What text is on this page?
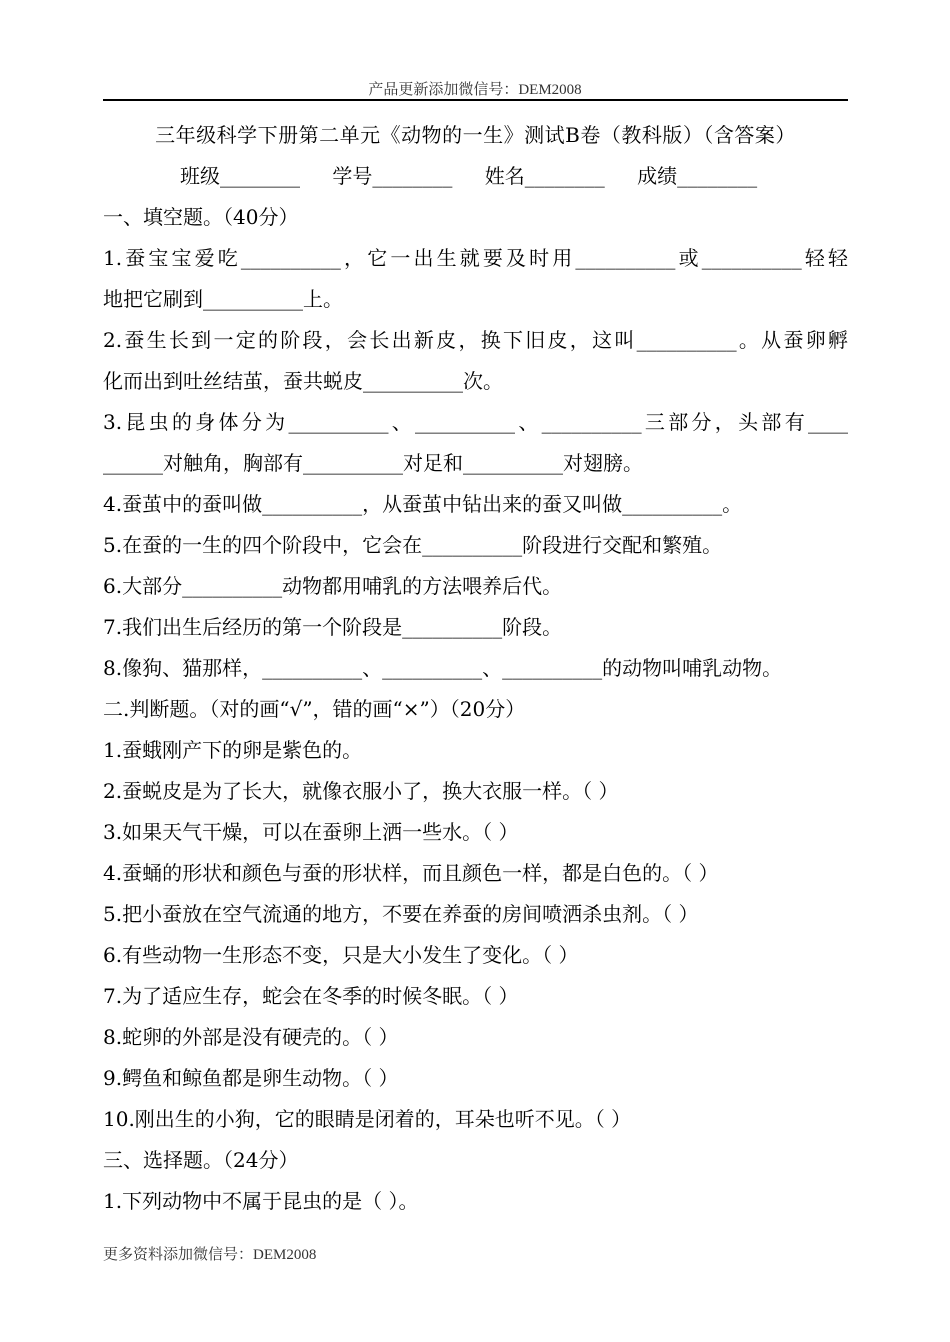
产品更新添加微信号：DEM2008
三年级科学下册第二单元《动物的一生》测试B卷（教科版）（含答案）
班级________ 学号________ 姓名________ 成绩________
一、填空题。（40分）
1.蚕宝宝爱吃__________，它一出生就要及时用__________或__________轻轻
地把它刷到__________上。
2.蚕生长到一定的阶段，会长出新皮，换下旧皮，这叫__________。从蚕卵孵
化而出到吐丝结茧，蚕共蜕皮__________次。
3.昆虫的身体分为__________、__________、__________三部分，头部有____
______对触角，胸部有__________对足和__________对翅膀。
4.蚕茧中的蚕叫做__________，从蚕茧中钻出来的蚕又叫做__________。
5.在蚕的一生的四个阶段中，它会在__________阶段进行交配和繁殖。
6.大部分__________动物都用哺乳的方法喂养后代。
7.我们出生后经历的第一个阶段是__________阶段。
8.像狗、猫那样，__________、__________、__________的动物叫哺乳动物。
二.判断题。（对的画“√”，错的画“×”）（20分）
1.蚕蛾刚产下的卵是紫色的。
2.蚕蜕皮是为了长大，就像衣服小了，换大衣服一样。（ ）
3.如果天气干燥，可以在蚕卵上洒一些水。（ ）
4.蚕蛹的形状和颜色与蚕的形状样，而且颜色一样，都是白色的。（ ）
5.把小蚕放在空气流通的地方，不要在养蚕的房间喷洒杀虫剂。（ ）
6.有些动物一生形态不变，只是大小发生了变化。（ ）
7.为了适应生存，蛇会在冬季的时候冬眠。（ ）
8.蛇卵的外部是没有硬壳的。（ ）
9.鳄鱼和鲸鱼都是卵生动物。（ ）
10.刚出生的小狗，它的眼睛是闭着的，耳朵也听不见。（ ）
三、选择题。（24分）
1.下列动物中不属于昆虫的是（ ）。
更多资料添加微信号：DEM2008
